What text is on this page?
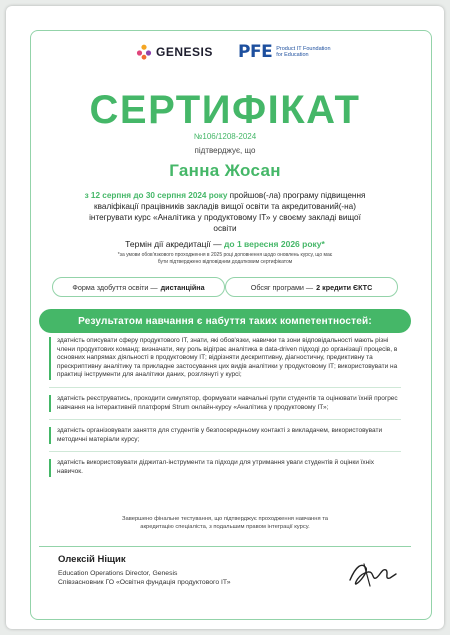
GENESIS PFE Product IT Foundation for Education
СЕРТИФІКАТ
№106/1208-2024
підтверджує, що
Ганна Жосан
з 12 серпня до 30 серпня 2024 року пройшов(-ла) програму підвищення кваліфікації працівників закладів вищої освіти та акредитований(-на) інтегрувати курс «Аналітика у продуктовому ІТ» у своєму закладі вищої освіти
Термін дії акредитації — до 1 вересня 2026 року*
*за умови обов'язкового проходження в 2025 році доповнення щодо оновлень курсу, що має бути підтверджено відповідним додатковим сертифікатом
Форма здобуття освіти — дистанційна	Обсяг програми — 2 кредити ЄКТС
Результатом навчання є набуття таких компетентностей:
здатність описувати сферу продуктового ІТ, знати, які обов'язки, навички та зони відповідальності мають різні члени продуктових команд; визначати, яку роль відіграє аналітика в data-driven підході до організації процесів, в основних напрямах діяльності в продуктовому ІТ; відрізняти дескриптивну, діагностичну, предиктивну та прескриптивну аналітику та прикладне застосування цих видів аналітики у продуктовому ІТ; використовувати на практиці інструменти для аналітики даних, розглянуті у курсі;
здатність реєструватись, проходити симулятор, формувати навчальні групи студентів та оцінювати їхній прогрес навчання на інтерактивній платформі Strum онлайн-курсу «Аналітика у продуктовому ІТ»;
здатність організовувати заняття для студентів у безпосередньому контакті з викладачем, використовувати методичні матеріали курсу;
здатність використовувати діджитал-інструменти та підходи для утримання уваги студентів й оцінки їхніх навичок.
Завершено фінальне тестування, що підтверджує проходження навчання та акредитацію спеціаліста, з подальшим правом інтеграції курсу.
Олексій Ніщик
Education Operations Director, Genesis
Співзасновник ГО «Освітня фундація продуктового ІТ»
